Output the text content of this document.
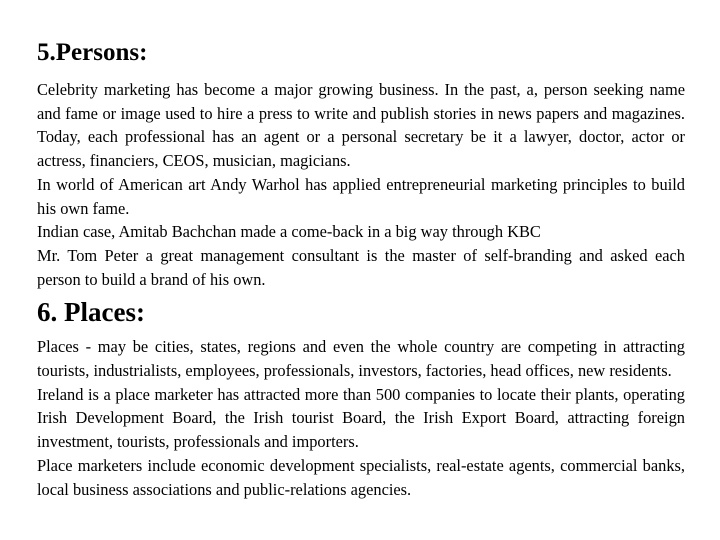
5.Persons:

Celebrity marketing has become a major growing business. In the past, a, person seeking name and fame or image used to hire a press to write and publish stories in news papers and magazines. Today, each professional has an agent or a personal secretary be it a lawyer, doctor, actor or actress, financiers, CEOS, musician, magicians.

In world of American art Andy Warhol has applied entrepreneurial marketing principles to build his own fame.

Indian case, Amitab Bachchan made a come-back in a big way through KBC

Mr. Tom Peter a great management consultant is the master of self-branding and asked each person to build a brand of his own.

6. Places:

Places - may be cities, states, regions and even the whole country are competing in attracting tourists, industrialists, employees, professionals, investors, factories, head offices, new residents.

Ireland is a place marketer has attracted more than 500 companies to locate their plants, operating Irish Development Board, the Irish tourist Board, the Irish Export Board, attracting foreign investment, tourists, professionals and importers.

Place marketers include economic development specialists, real-estate agents, commercial banks, local business associations and public-relations agencies.
